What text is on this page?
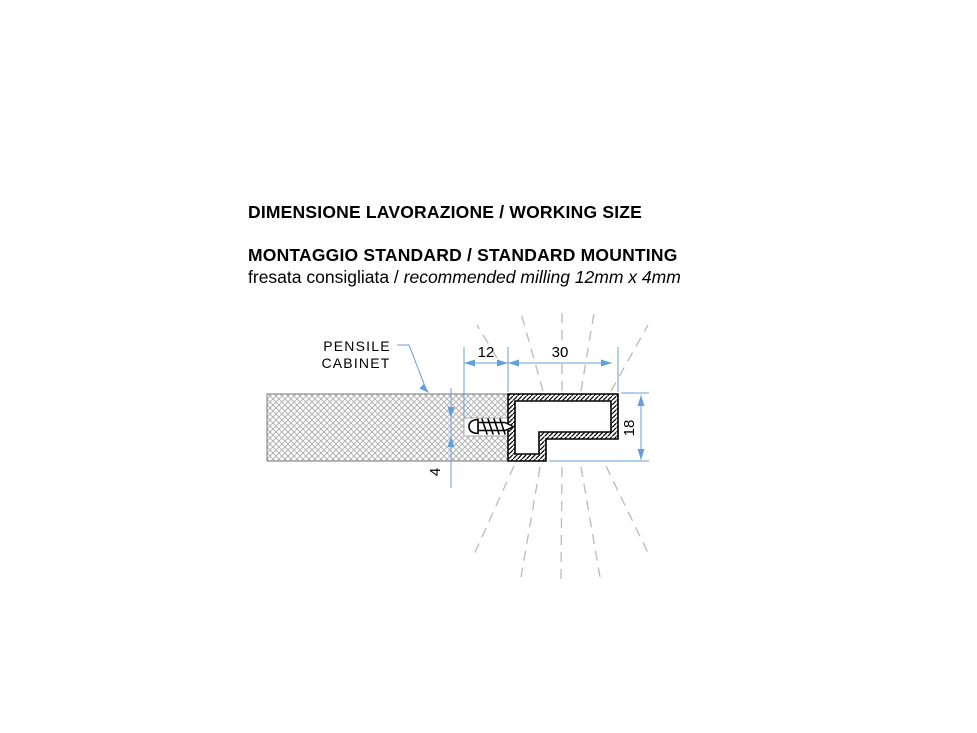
DIMENSIONE LAVORAZIONE / WORKING SIZE
MONTAGGIO STANDARD / STANDARD MOUNTING
fresata consigliata / recommended milling 12mm x 4mm
12	30
18
4
PENSILE
CABINET
